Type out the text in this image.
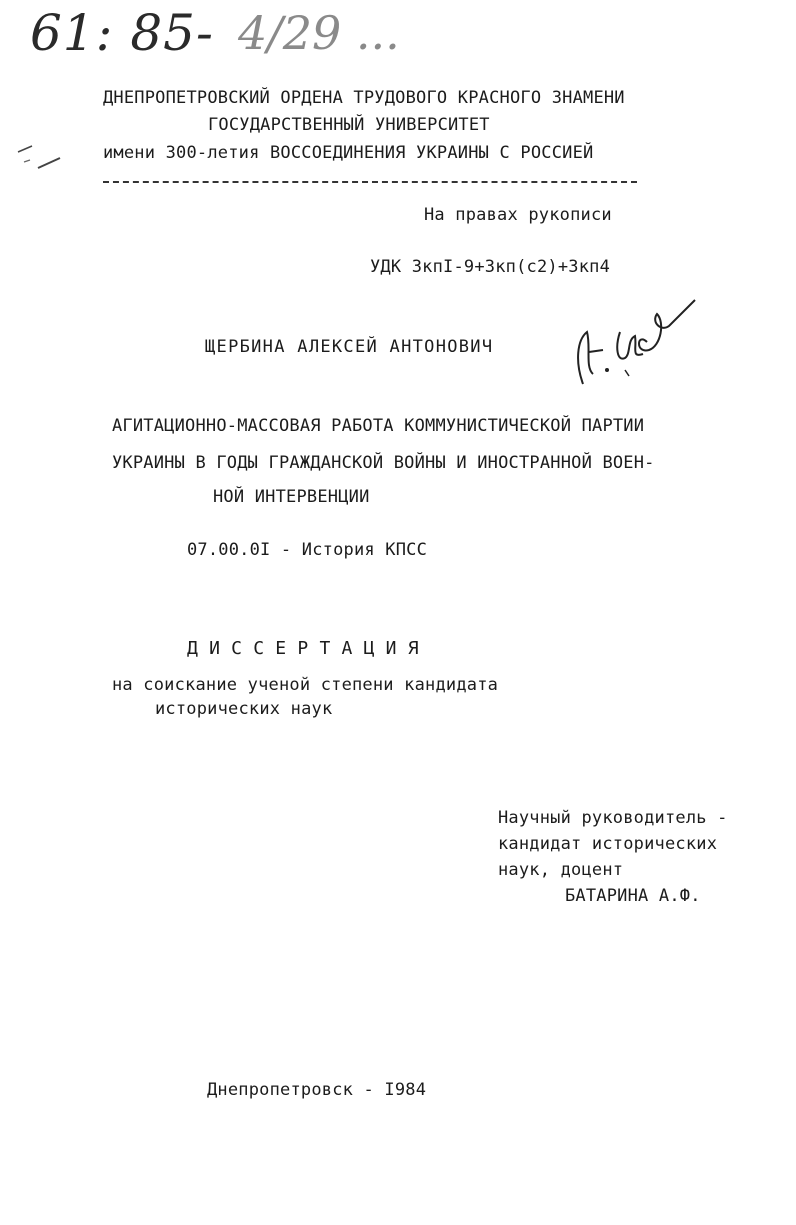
61: 85- 4/29 ...
ДНЕПРОПЕТРОВСКИЙ ОРДЕНА ТРУДОВОГО КРАСНОГО ЗНАМЕНИ
ГОСУДАРСТВЕННЫЙ УНИВЕРСИТЕТ
имени 300-летия ВОССОЕДИНЕНИЯ УКРАИНЫ С РОССИЕЙ
На правах рукописи
УДК 3кпI-9+3кп(с2)+3кп4
ЩЕРБИНА АЛЕКСЕЙ АНТОНОВИЧ
АГИТАЦИОННО-МАССОВАЯ РАБОТА КОММУНИСТИЧЕСКОЙ ПАРТИИ
УКРАИНЫ В ГОДЫ ГРАЖДАНСКОЙ ВОЙНЫ И ИНОСТРАННОЙ ВОЕН-
НОЙ ИНТЕРВЕНЦИИ
07.00.0I - История КПСС
Д И С С Е Р Т А Ц И Я
на соискание ученой степени кандидата
исторических наук
Научный руководитель -
кандидат исторических
наук, доцент
БАТАРИНА А.Ф.
Днепропетровск - I984
